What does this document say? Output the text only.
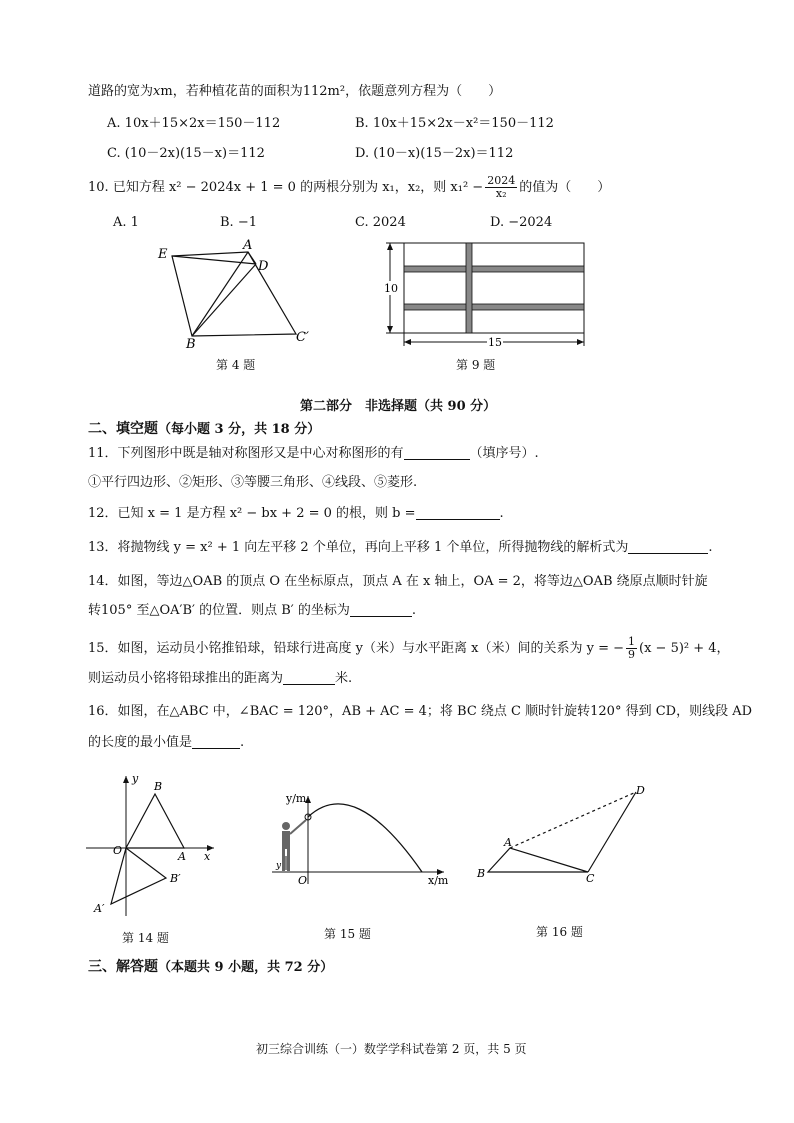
道路的宽为xm，若种植花苗的面积为112m²，依题意列方程为（　　）
A. 10x＋15×2x＝150－112	B. 10x＋15×2x－x²＝150－112
C. (10－2x)(15－x)＝112	D. (10－x)(15－2x)＝112
10. 已知方程 x² − 2024x + 1 = 0 的两根分别为 x₁，x₂，则 $x_1^2 - \frac{2024}{\text{x₂}}$ 的值为（　　）
A. 1	B. −1	C. 2024	D. −2024
E
A
D
B	C′
第 4 题
10
15
第 9 题
第二部分　非选择题（共 90 分）
二、填空题（每小题 3 分，共 18 分）
11．下列图形中既是轴对称图形又是中心对称图形的有	（填序号）.
①平行四边形、②矩形、③等腰三角形、④线段、⑤菱形.
12．已知 x = 1 是方程 x² − bx + 2 = 0 的根，则 b =	.
13．将抛物线 y = x² + 1 向左平移 2 个单位，再向上平移 1 个单位，所得抛物线的解析式为	.
14．如图，等边△OAB 的顶点 O 在坐标原点，顶点 A 在 x 轴上，OA = 2，将等边△OAB 绕原点顺时针旋
转105° 至△OA′B′ 的位置．则点 B′ 的坐标为	.
15．如图，运动员小铭推铅球，铅球行进高度 y（米）与水平距离 x（米）间的关系为 y = − $\frac{1}{9} (x - 5)^2 + 4$，
则运动员小铭将铅球推出的距离为	米.
16．如图，在△ABC 中，∠BAC = 120°，AB + AC = 4；将 BC 绕点 C 顺时针旋转120° 得到 CD，则线段 AD
的长度的最小值是	.
y
x
O	A
B
A′
B′
第 14 题
y/m
x/m
O
y
第 15 题
A
B	C
D
第 16 题
三、解答题（本题共 9 小题，共 72 分）
初三综合训练（一）数学学科试卷第 2 页，共 5 页
